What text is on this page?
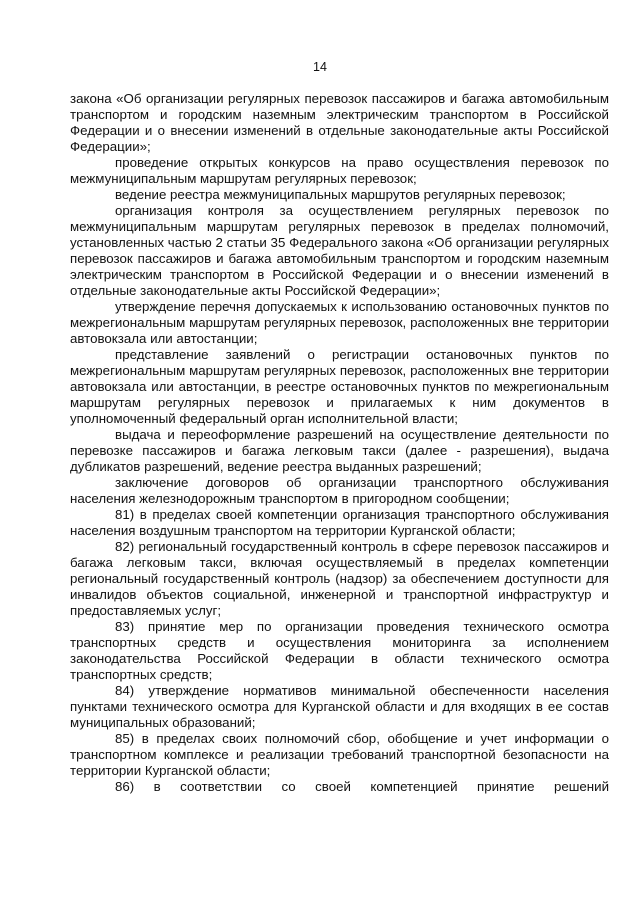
14

закона «Об организации регулярных перевозок пассажиров и багажа автомобильным транспортом и городским наземным электрическим транспортом в Российской Федерации и о внесении изменений в отдельные законодательные акты Российской Федерации»;

проведение открытых конкурсов на право осуществления перевозок по межмуниципальным маршрутам регулярных перевозок;

ведение реестра межмуниципальных маршрутов регулярных перевозок;

организация контроля за осуществлением регулярных перевозок по межмуниципальным маршрутам регулярных перевозок в пределах полномочий, установленных частью 2 статьи 35 Федерального закона «Об организации регулярных перевозок пассажиров и багажа автомобильным транспортом и городским наземным электрическим транспортом в Российской Федерации и о внесении изменений в отдельные законодательные акты Российской Федерации»;

утверждение перечня допускаемых к использованию остановочных пунктов по межрегиональным маршрутам регулярных перевозок, расположенных вне территории автовокзала или автостанции;

представление заявлений о регистрации остановочных пунктов по межрегиональным маршрутам регулярных перевозок, расположенных вне территории автовокзала или автостанции, в реестре остановочных пунктов по межрегиональным маршрутам регулярных перевозок и прилагаемых к ним документов в уполномоченный федеральный орган исполнительной власти;

выдача и переоформление разрешений на осуществление деятельности по перевозке пассажиров и багажа легковым такси (далее - разрешения), выдача дубликатов разрешений, ведение реестра выданных разрешений;

заключение договоров об организации транспортного обслуживания населения железнодорожным транспортом в пригородном сообщении;

81) в пределах своей компетенции организация транспортного обслуживания населения воздушным транспортом на территории Курганской области;

82) региональный государственный контроль в сфере перевозок пассажиров и багажа легковым такси, включая осуществляемый в пределах компетенции региональный государственный контроль (надзор) за обеспечением доступности для инвалидов объектов социальной, инженерной и транспортной инфраструктур и предоставляемых услуг;

83) принятие мер по организации проведения технического осмотра транспортных средств и осуществления мониторинга за исполнением законодательства Российской Федерации в области технического осмотра транспортных средств;

84) утверждение нормативов минимальной обеспеченности населения пунктами технического осмотра для Курганской области и для входящих в ее состав муниципальных образований;

85) в пределах своих полномочий сбор, обобщение и учет информации о транспортном комплексе и реализации требований транспортной безопасности на территории Курганской области;

86) в соответствии со своей компетенцией принятие решений
